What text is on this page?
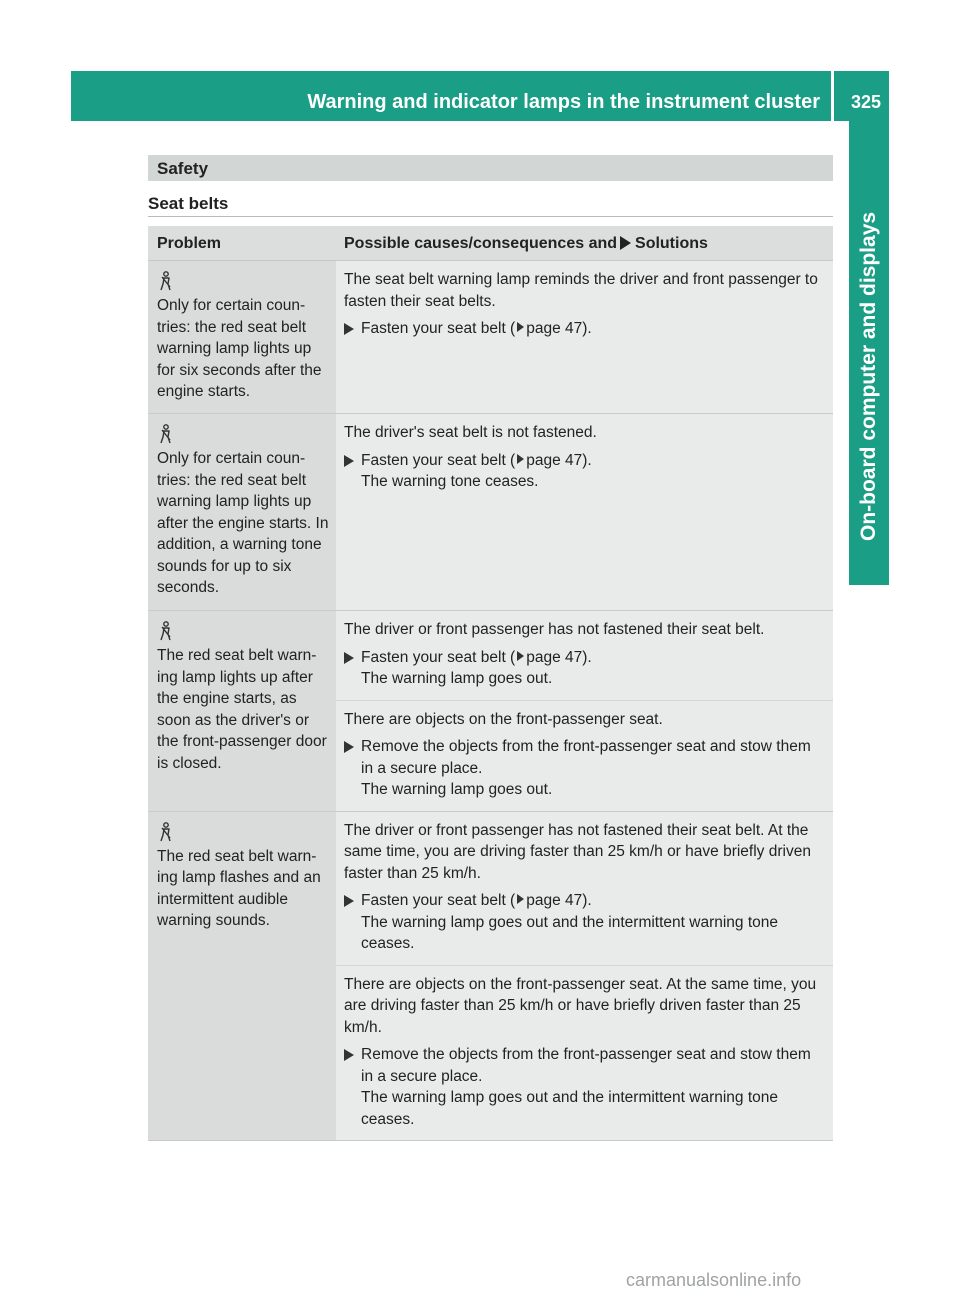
Warning and indicator lamps in the instrument cluster 325
On-board computer and displays
Safety
Seat belts
Problem	Possible causes/consequences and Solutions
Only for certain coun-tries: the red seat belt warning lamp lights up for six seconds after the engine starts.
The seat belt warning lamp reminds the driver and front passenger to fasten their seat belts.
Fasten your seat belt ( page 47).
Only for certain coun-tries: the red seat belt warning lamp lights up after the engine starts. In addition, a warning tone sounds for up to six seconds.
The driver's seat belt is not fastened.
Fasten your seat belt ( page 47).
The warning tone ceases.
The red seat belt warn-ing lamp lights up after the engine starts, as soon as the driver's or the front-passenger door is closed.
The driver or front passenger has not fastened their seat belt.
Fasten your seat belt ( page 47).
The warning lamp goes out.
There are objects on the front-passenger seat.
Remove the objects from the front-passenger seat and stow them in a secure place.
The warning lamp goes out.
The red seat belt warn-ing lamp flashes and an intermittent audible warning sounds.
The driver or front passenger has not fastened their seat belt. At the same time, you are driving faster than 25 km/h or have briefly driven faster than 25 km/h.
Fasten your seat belt ( page 47).
The warning lamp goes out and the intermittent warning tone ceases.
There are objects on the front-passenger seat. At the same time, you are driving faster than 25 km/h or have briefly driven faster than 25 km/h.
Remove the objects from the front-passenger seat and stow them in a secure place.
The warning lamp goes out and the intermittent warning tone ceases.
carmanualsonline.info
